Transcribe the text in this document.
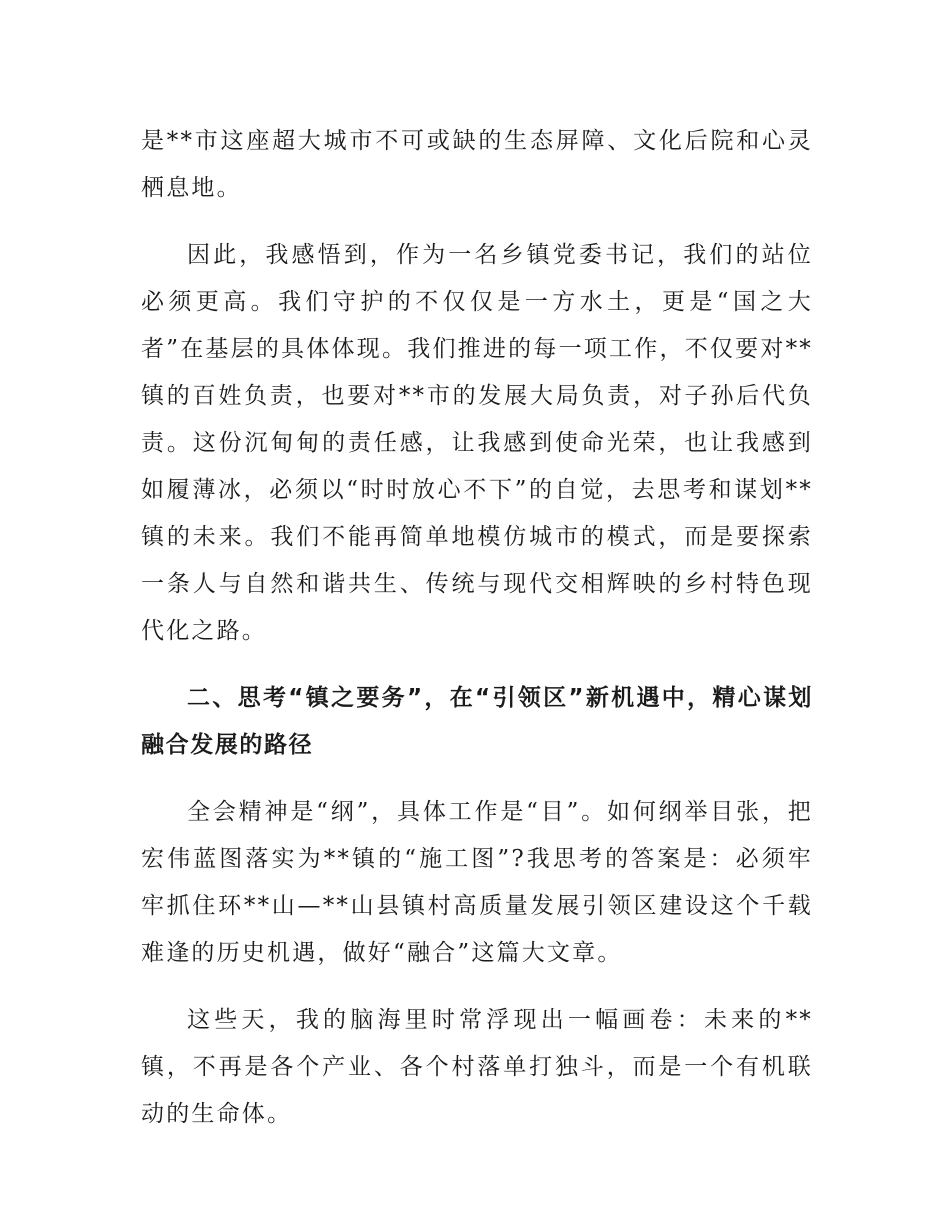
是**市这座超大城市不可或缺的生态屏障、文化后院和心灵栖息地。

因此，我感悟到，作为一名乡镇党委书记，我们的站位必须更高。我们守护的不仅仅是一方水土，更是“国之大者”在基层的具体体现。我们推进的每一项工作，不仅要对**镇的百姓负责，也要对**市的发展大局负责，对子孙后代负责。这份沉甸甸的责任感，让我感到使命光荣，也让我感到如履薄冰，必须以“时时放心不下”的自觉，去思考和谋划**镇的未来。我们不能再简单地模仿城市的模式，而是要探索一条人与自然和谐共生、传统与现代交相辉映的乡村特色现代化之路。

二、思考“镇之要务”，在“引领区”新机遇中，精心谋划融合发展的路径

全会精神是“纲”，具体工作是“目”。如何纲举目张，把宏伟蓝图落实为**镇的“施工图”?我思考的答案是：必须牢牢抓住环**山—**山县镇村高质量发展引领区建设这个千载难逢的历史机遇，做好“融合”这篇大文章。

这些天，我的脑海里时常浮现出一幅画卷：未来的**镇，不再是各个产业、各个村落单打独斗，而是一个有机联动的生命体。
